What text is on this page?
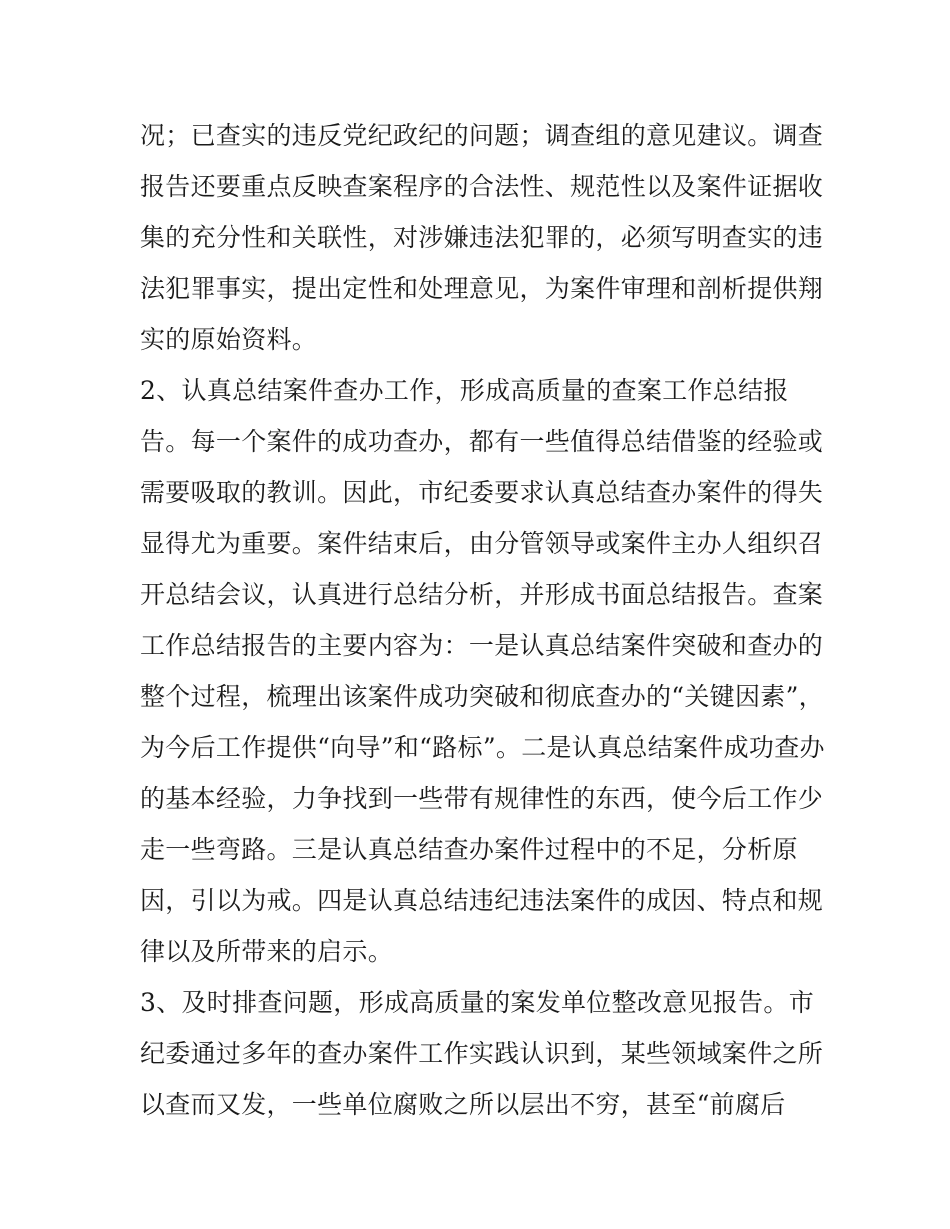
况；已查实的违反党纪政纪的问题；调查组的意见建议。调查
报告还要重点反映查案程序的合法性、规范性以及案件证据收
集的充分性和关联性，对涉嫌违法犯罪的，必须写明查实的违
法犯罪事实，提出定性和处理意见，为案件审理和剖析提供翔
实的原始资料。
2、认真总结案件查办工作，形成高质量的查案工作总结报
告。每一个案件的成功查办，都有一些值得总结借鉴的经验或
需要吸取的教训。因此，市纪委要求认真总结查办案件的得失
显得尤为重要。案件结束后，由分管领导或案件主办人组织召
开总结会议，认真进行总结分析，并形成书面总结报告。查案
工作总结报告的主要内容为：一是认真总结案件突破和查办的
整个过程，梳理出该案件成功突破和彻底查办的“关键因素”，
为今后工作提供“向导”和“路标”。二是认真总结案件成功查办
的基本经验，力争找到一些带有规律性的东西，使今后工作少
走一些弯路。三是认真总结查办案件过程中的不足，分析原
因，引以为戒。四是认真总结违纪违法案件的成因、特点和规
律以及所带来的启示。
3、及时排查问题，形成高质量的案发单位整改意见报告。市
纪委通过多年的查办案件工作实践认识到，某些领域案件之所
以查而又发，一些单位腐败之所以层出不穷，甚至“前腐后
